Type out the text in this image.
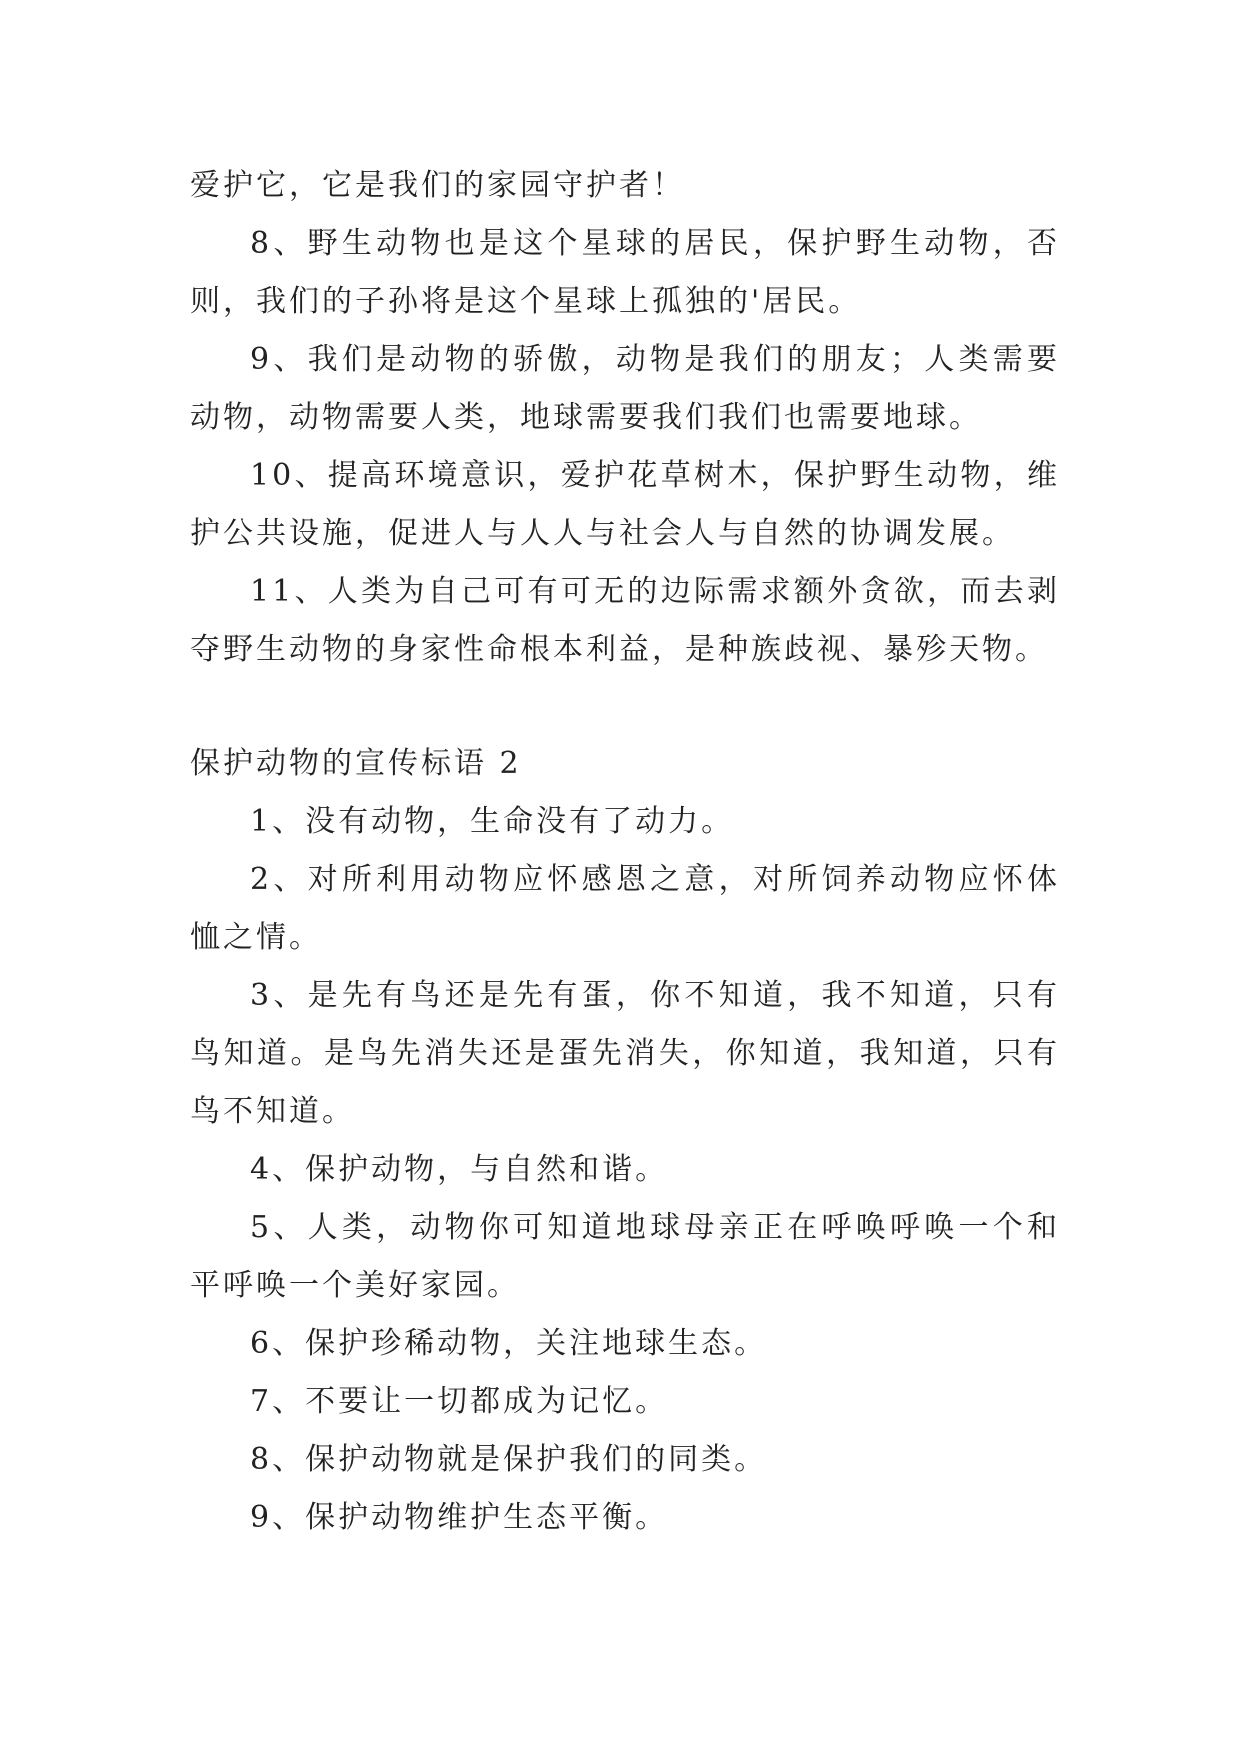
爱护它，它是我们的家园守护者！

8、野生动物也是这个星球的居民，保护野生动物，否则，我们的子孙将是这个星球上孤独的'居民。

9、我们是动物的骄傲，动物是我们的朋友；人类需要动物，动物需要人类，地球需要我们我们也需要地球。

10、提高环境意识，爱护花草树木，保护野生动物，维护公共设施，促进人与人人与社会人与自然的协调发展。

11、人类为自己可有可无的边际需求额外贪欲，而去剥夺野生动物的身家性命根本利益，是种族歧视、暴殄天物。

保护动物的宣传标语 2

1、没有动物，生命没有了动力。

2、对所利用动物应怀感恩之意，对所饲养动物应怀体恤之情。

3、是先有鸟还是先有蛋，你不知道，我不知道，只有鸟知道。是鸟先消失还是蛋先消失，你知道，我知道，只有鸟不知道。

4、保护动物，与自然和谐。

5、人类，动物你可知道地球母亲正在呼唤呼唤一个和平呼唤一个美好家园。

6、保护珍稀动物，关注地球生态。

7、不要让一切都成为记忆。

8、保护动物就是保护我们的同类。

9、保护动物维护生态平衡。
